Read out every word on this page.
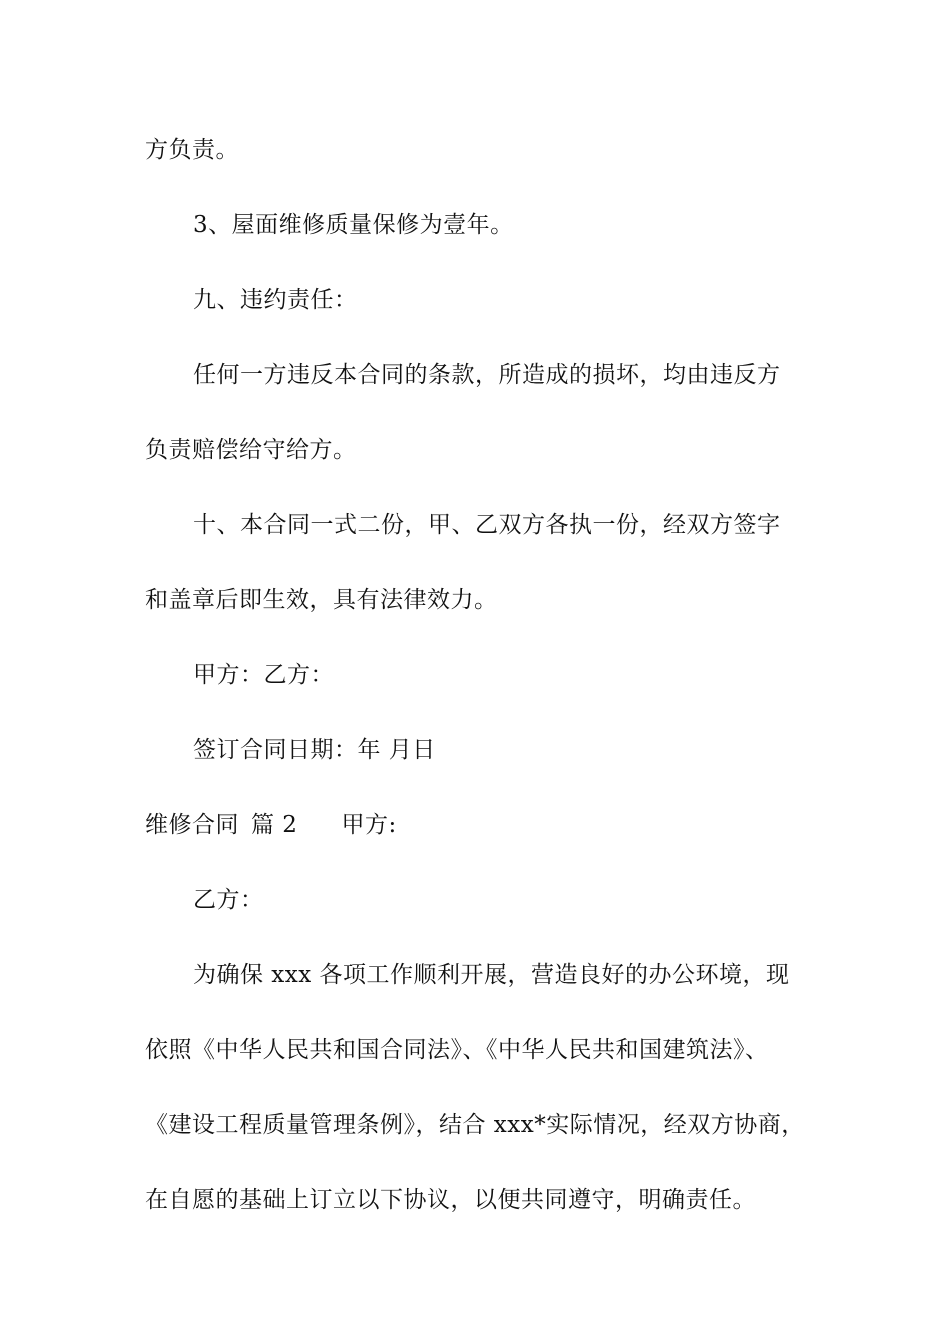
方负责。
3、屋面维修质量保修为壹年。
九、违约责任：
任何一方违反本合同的条款，所造成的损坏，均由违反方
负责赔偿给守给方。
十、本合同一式二份，甲、乙双方各执一份，经双方签字
和盖章后即生效，具有法律效力。
甲方：乙方：
签订合同日期：年 月日
维修合同 篇 2 甲方:
乙方：
为确保 xxx 各项工作顺利开展，营造良好的办公环境，现
依照《中华人民共和国合同法》、《中华人民共和国建筑法》、
《建设工程质量管理条例》，结合 xxx*实际情况，经双方协商，
在自愿的基础上订立以下协议，以便共同遵守，明确责任。
